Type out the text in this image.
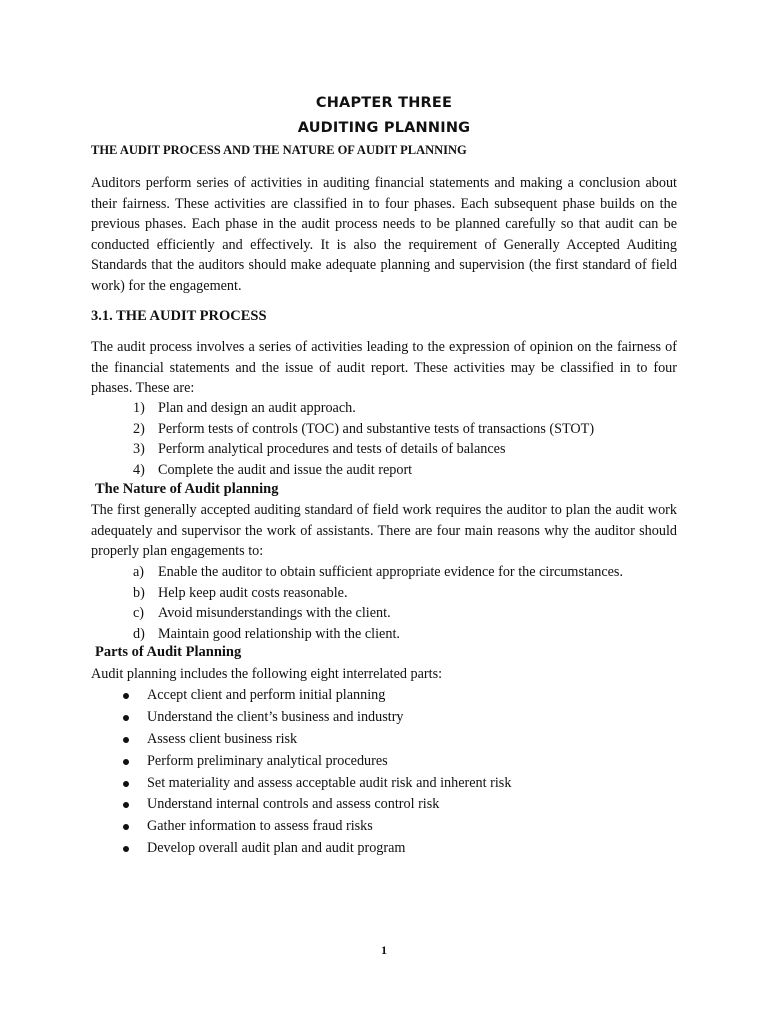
CHAPTER THREE
AUDITING PLANNING
THE AUDIT PROCESS AND THE NATURE OF AUDIT PLANNING

Auditors perform series of activities in auditing financial statements and making a conclusion about their fairness. These activities are classified in to four phases. Each subsequent phase builds on the previous phases. Each phase in the audit process needs to be planned carefully so that audit can be conducted efficiently and effectively. It is also the requirement of Generally Accepted Auditing Standards that the auditors should make adequate planning and supervision (the first standard of field work) for the engagement.

3.1. THE AUDIT PROCESS

The audit process involves a series of activities leading to the expression of opinion on the fairness of the financial statements and the issue of audit report. These activities may be classified in to four phases. These are:

1) Plan and design an audit approach.
2) Perform tests of controls (TOC) and substantive tests of transactions (STOT)
3) Perform analytical procedures and tests of details of balances
4) Complete the audit and issue the audit report
The Nature of Audit planning

The first generally accepted auditing standard of field work requires the auditor to plan the audit work adequately and supervisor the work of assistants. There are four main reasons why the auditor should properly plan engagements to:

a) Enable the auditor to obtain sufficient appropriate evidence for the circumstances.
b) Help keep audit costs reasonable.
c) Avoid misunderstandings with the client.
d) Maintain good relationship with the client.
Parts of Audit Planning

Audit planning includes the following eight interrelated parts:

Accept client and perform initial planning
Understand the client’s business and industry
Assess client business risk
Perform preliminary analytical procedures
Set materiality and assess acceptable audit risk and inherent risk
Understand internal controls and assess control risk
Gather information to assess fraud risks
Develop overall audit plan and audit program
1
